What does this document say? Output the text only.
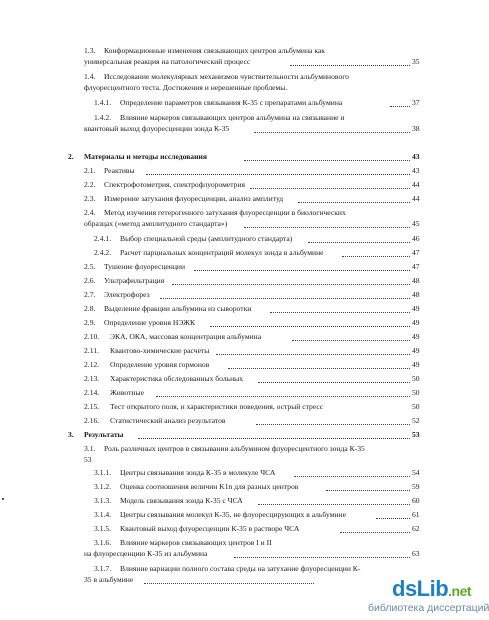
1.3. Конформационные изменения связывающих центров альбумина как
универсальная реакция на патологический процесс	35
1.4. Исследование молекулярных механизмов чувствительности альбуминового
флуоресцентного теста. Достижения и нерешенные проблемы.
1.4.1. Определение параметров связывания К-35 с препаратами альбумина	37
1.4.2. Влияние маркеров связывающих центров альбумина на связывание и
квантовый выход флуоресценции зонда К-35	38
2. Материалы и методы исследования	43
2.1. Реактивы	43
2.2. Спектрофотометрия, спектрофлуорометрия	44
2.3. Измерение затухания флуоресценции, анализ амплитуд	44
2.4. Метод изучения гетерогенного затухания флуоресценции в биологических
образцах («метод амплитудного стандарта»)	45
2.4.1. Выбор специальной среды (амплитудного стандарта)	46
2.4.2. Расчет парциальных концентраций молекул зонда в альбумине	47
2.5. Тушение флуоресценции	47
2.6. Ультрафильтрация	48
2.7. Электрофорез	48
2.8. Выделение фракции альбумина из сыворотки	49
2.9. Определение уровня НЭЖК	49
2.10. ЭКА, ОКА, массовая концентрация альбумина	49
2.11. Квантово-химические расчеты	49
2.12. Определение уровня гормонов	49
2.13. Характеристика обследованных больных	50
2.14. Животные	50
2.15. Тест открытого поля, и характеристики поведения, острый стресс	50
2.16. Статистический анализ результатов	52
3. Результаты	53
3.1. Роль различных центров в связывании альбумином флуоресцентного зонда К-35
53
3.1.1. Центры связывания зонда К-35 в молекуле ЧСА	54
3.1.2. Оценка соотношения величин K1n для разных центров	59
3.1.3. Модель связывания зонда К-35 с ЧСА	60
3.1.4. Центры связывания молекул К-35, не флуоресцирующих в альбумине	61
3.1.5. Квантовый выход флуоресценции К-35 в растворе ЧСА	62
3.1.6. Влияние маркеров связывающих центров I и II
на флуоресценцию К-35 из альбумина	63
3.1.7. Влияние вариации полного состава среды на затухание флуоресценции К-
35 в альбумине	dsLib.net
библиотека диссертаций
